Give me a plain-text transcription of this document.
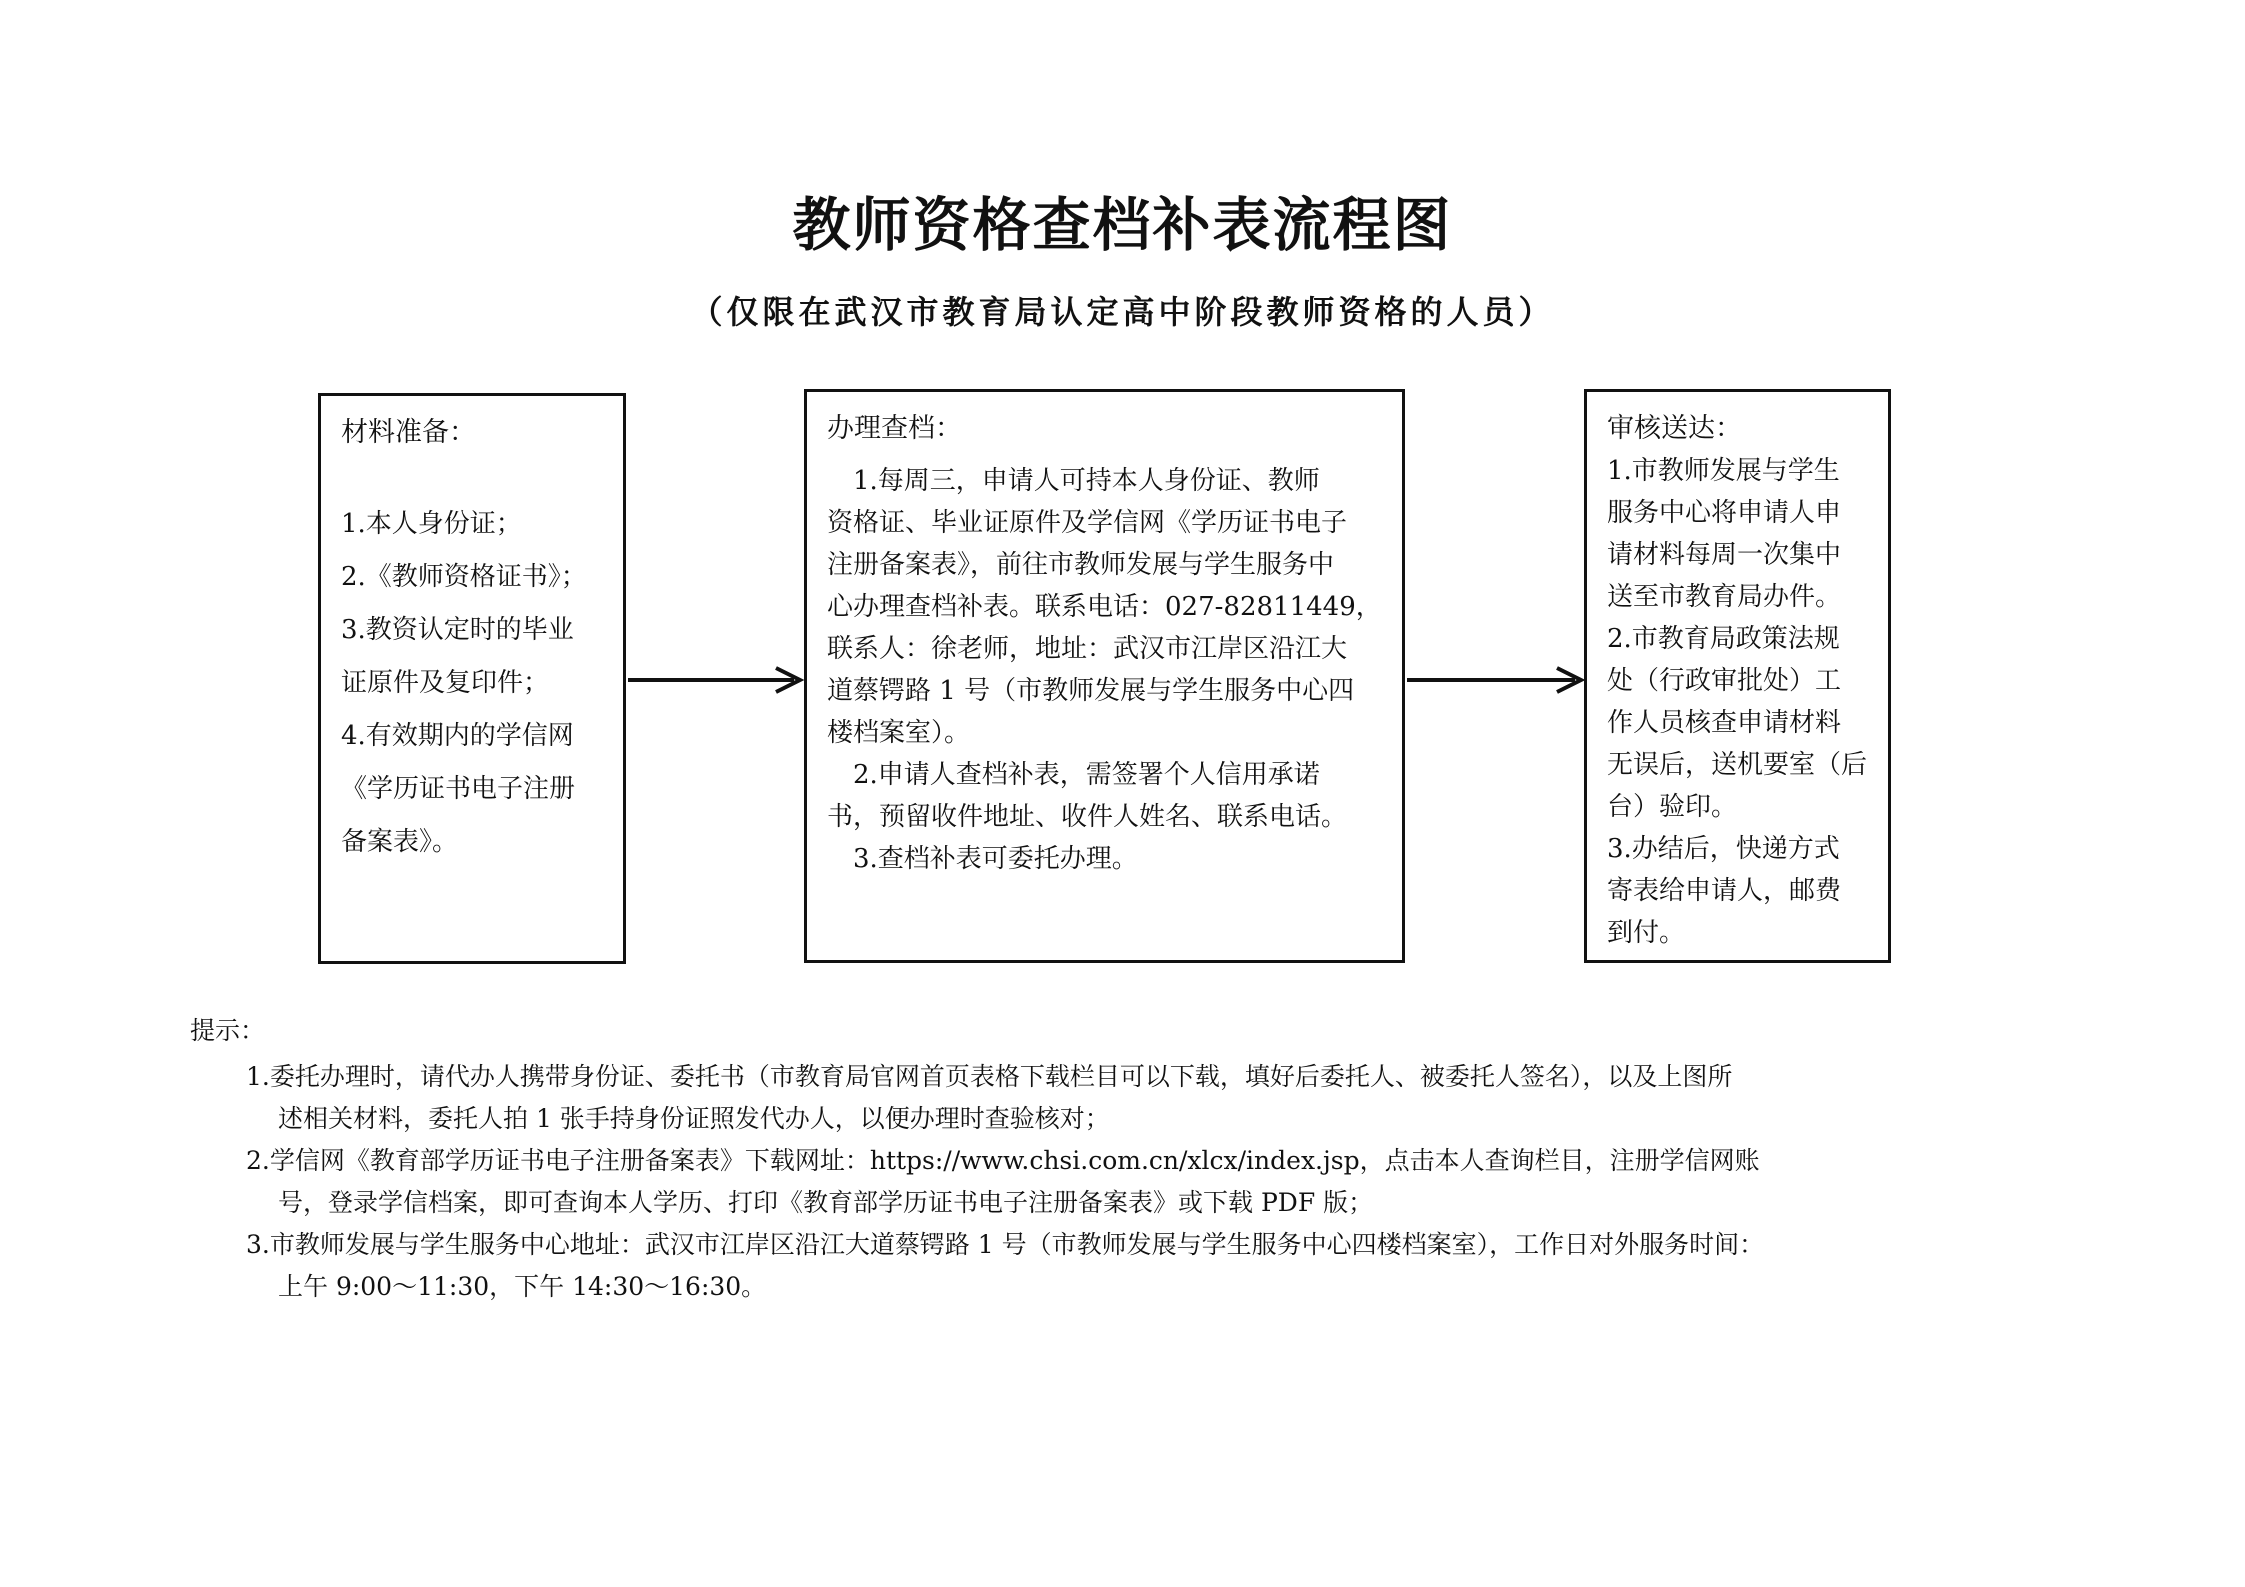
教师资格查档补表流程图
（仅限在武汉市教育局认定高中阶段教师资格的人员）
材料准备：
1.本人身份证；
2.《教师资格证书》；
3.教资认定时的毕业
证原件及复印件；
4.有效期内的学信网
《学历证书电子注册
备案表》。
办理查档：
　1.每周三，申请人可持本人身份证、教师
资格证、毕业证原件及学信网《学历证书电子
注册备案表》，前往市教师发展与学生服务中
心办理查档补表。联系电话：027-82811449，
联系人：徐老师，地址：武汉市江岸区沿江大
道蔡锷路 1 号（市教师发展与学生服务中心四
楼档案室）。
　2.申请人查档补表，需签署个人信用承诺
书，预留收件地址、收件人姓名、联系电话。
　3.查档补表可委托办理。
审核送达：
1.市教师发展与学生
服务中心将申请人申
请材料每周一次集中
送至市教育局办件。
2.市教育局政策法规
处（行政审批处）工
作人员核查申请材料
无误后，送机要室（后
台）验印。
3.办结后，快递方式
寄表给申请人，邮费
到付。
提示：
1.委托办理时，请代办人携带身份证、委托书（市教育局官网首页表格下载栏目可以下载，填好后委托人、被委托人签名），以及上图所
述相关材料，委托人拍 1 张手持身份证照发代办人，以便办理时查验核对；
2.学信网《教育部学历证书电子注册备案表》下载网址：https://www.chsi.com.cn/xlcx/index.jsp，点击本人查询栏目，注册学信网账
号，登录学信档案，即可查询本人学历、打印《教育部学历证书电子注册备案表》或下载 PDF 版；
3.市教师发展与学生服务中心地址：武汉市江岸区沿江大道蔡锷路 1 号（市教师发展与学生服务中心四楼档案室），工作日对外服务时间：
上午 9:00～11:30，下午 14:30～16:30。
